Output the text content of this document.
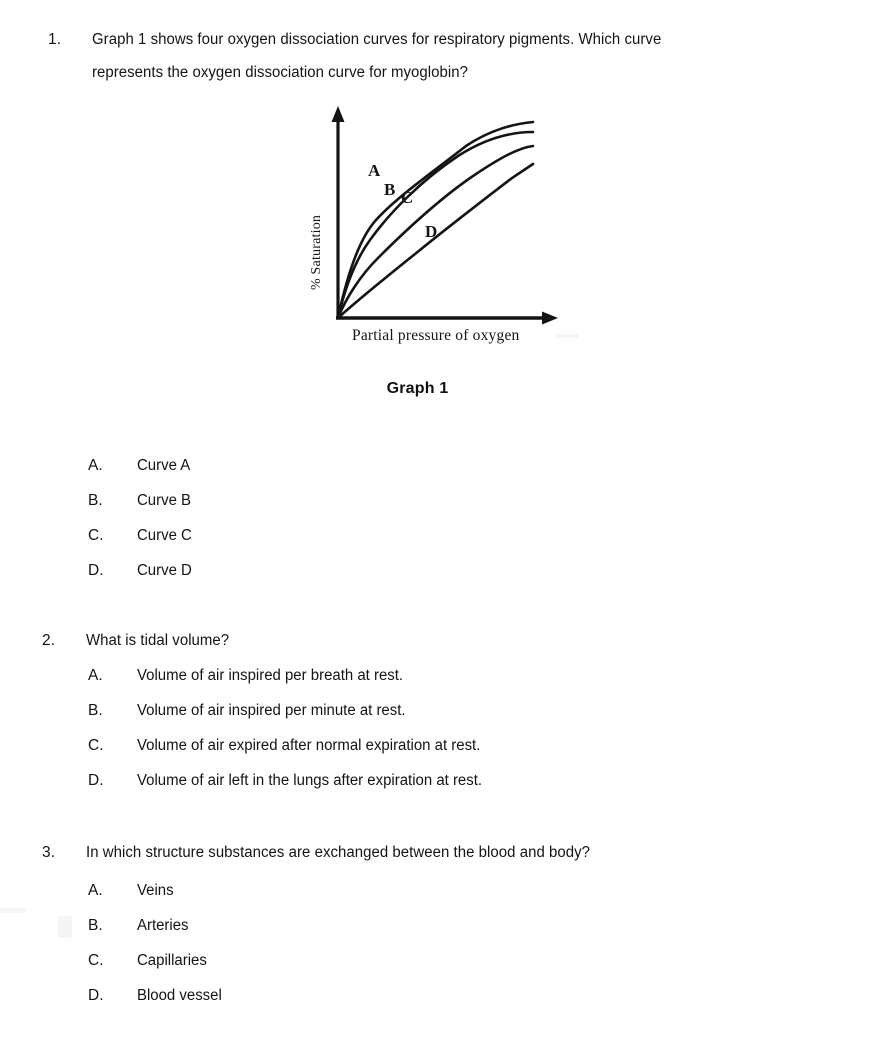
1.	Graph 1 shows four oxygen dissociation curves for respiratory pigments. Which curve
represents the oxygen dissociation curve for myoglobin?
A
B C
D
Partial pressure of oxygen
% Saturation
Graph 1
A.	Curve A
B.	Curve B
C.	Curve C
D.	Curve D
2.	What is tidal volume?
A.	Volume of air inspired per breath at rest.
B.	Volume of air inspired per minute at rest.
C.	Volume of air expired after normal expiration at rest.
D.	Volume of air left in the lungs after expiration at rest.
3.	In which structure substances are exchanged between the blood and body?
A.	Veins
B.	Arteries
C.	Capillaries
D.	Blood vessel
